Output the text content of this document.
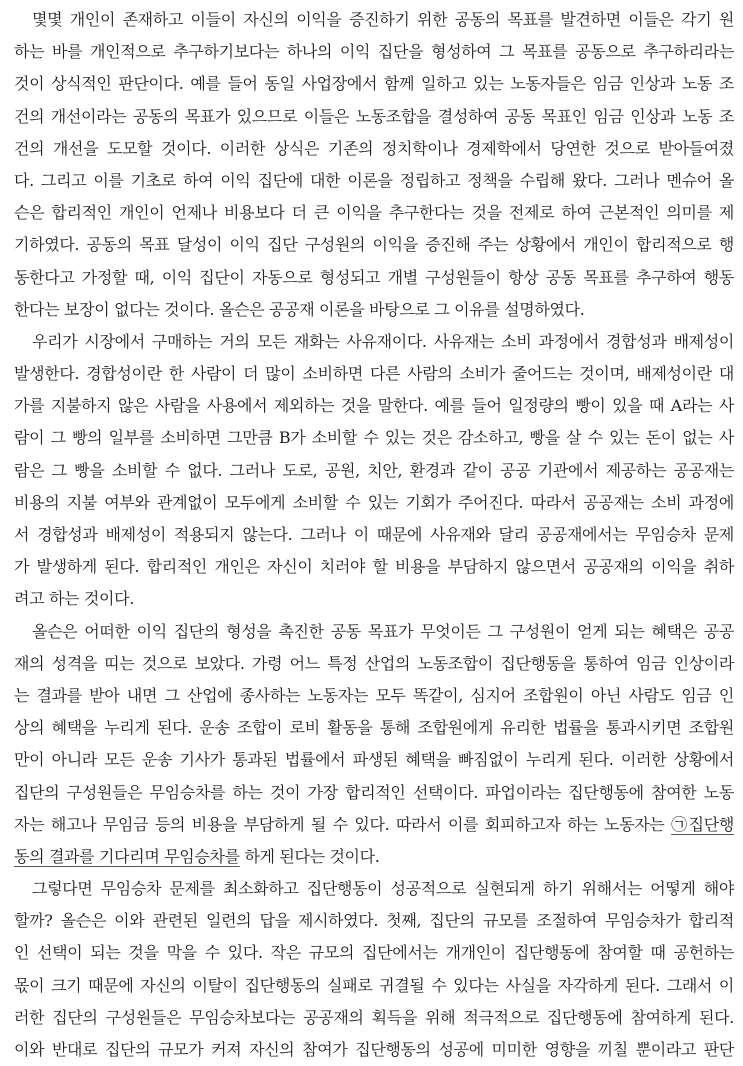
몇몇 개인이 존재하고 이들이 자신의 이익을 증진하기 위한 공동의 목표를 발견하면 이들은 각기 원
하는 바를 개인적으로 추구하기보다는 하나의 이익 집단을 형성하여 그 목표를 공동으로 추구하리라는
것이 상식적인 판단이다. 예를 들어 동일 사업장에서 함께 일하고 있는 노동자들은 임금 인상과 노동 조
건의 개선이라는 공동의 목표가 있으므로 이들은 노동조합을 결성하여 공동 목표인 임금 인상과 노동 조
건의 개선을 도모할 것이다. 이러한 상식은 기존의 정치학이나 경제학에서 당연한 것으로 받아들여졌
다. 그리고 이를 기초로 하여 이익 집단에 대한 이론을 정립하고 정책을 수립해 왔다. 그러나 멘슈어 올
슨은 합리적인 개인이 언제나 비용보다 더 큰 이익을 추구한다는 것을 전제로 하여 근본적인 의미를 제
기하였다. 공동의 목표 달성이 이익 집단 구성원의 이익을 증진해 주는 상황에서 개인이 합리적으로 행
동한다고 가정할 때, 이익 집단이 자동으로 형성되고 개별 구성원들이 항상 공동 목표를 추구하여 행동
한다는 보장이 없다는 것이다. 올슨은 공공재 이론을 바탕으로 그 이유를 설명하였다.
우리가 시장에서 구매하는 거의 모든 재화는 사유재이다. 사유재는 소비 과정에서 경합성과 배제성이
발생한다. 경합성이란 한 사람이 더 많이 소비하면 다른 사람의 소비가 줄어드는 것이며, 배제성이란 대
가를 지불하지 않은 사람을 사용에서 제외하는 것을 말한다. 예를 들어 일정량의 빵이 있을 때 A라는 사
람이 그 빵의 일부를 소비하면 그만큼 B가 소비할 수 있는 것은 감소하고, 빵을 살 수 있는 돈이 없는 사
람은 그 빵을 소비할 수 없다. 그러나 도로, 공원, 치안, 환경과 같이 공공 기관에서 제공하는 공공재는
비용의 지불 여부와 관계없이 모두에게 소비할 수 있는 기회가 주어진다. 따라서 공공재는 소비 과정에
서 경합성과 배제성이 적용되지 않는다. 그러나 이 때문에 사유재와 달리 공공재에서는 무임승차 문제
가 발생하게 된다. 합리적인 개인은 자신이 치러야 할 비용을 부담하지 않으면서 공공재의 이익을 취하
려고 하는 것이다.
올슨은 어떠한 이익 집단의 형성을 촉진한 공동 목표가 무엇이든 그 구성원이 얻게 되는 혜택은 공공
재의 성격을 띠는 것으로 보았다. 가령 어느 특정 산업의 노동조합이 집단행동을 통하여 임금 인상이라
는 결과를 받아 내면 그 산업에 종사하는 노동자는 모두 똑같이, 심지어 조합원이 아닌 사람도 임금 인
상의 혜택을 누리게 된다. 운송 조합이 로비 활동을 통해 조합원에게 유리한 법률을 통과시키면 조합원
만이 아니라 모든 운송 기사가 통과된 법률에서 파생된 혜택을 빠짐없이 누리게 된다. 이러한 상황에서
집단의 구성원들은 무임승차를 하는 것이 가장 합리적인 선택이다. 파업이라는 집단행동에 참여한 노동
자는 해고나 무임금 등의 비용을 부담하게 될 수 있다. 따라서 이를 회피하고자 하는 노동자는 ㉠집단행
동의 결과를 기다리며 무임승차를 하게 된다는 것이다.
그렇다면 무임승차 문제를 최소화하고 집단행동이 성공적으로 실현되게 하기 위해서는 어떻게 해야
할까? 올슨은 이와 관련된 일련의 답을 제시하였다. 첫째, 집단의 규모를 조절하여 무임승차가 합리적
인 선택이 되는 것을 막을 수 있다. 작은 규모의 집단에서는 개개인이 집단행동에 참여할 때 공헌하는
몫이 크기 때문에 자신의 이탈이 집단행동의 실패로 귀결될 수 있다는 사실을 자각하게 된다. 그래서 이
러한 집단의 구성원들은 무임승차보다는 공공재의 획득을 위해 적극적으로 집단행동에 참여하게 된다.
이와 반대로 집단의 규모가 커져 자신의 참여가 집단행동의 성공에 미미한 영향을 끼칠 뿐이라고 판단
